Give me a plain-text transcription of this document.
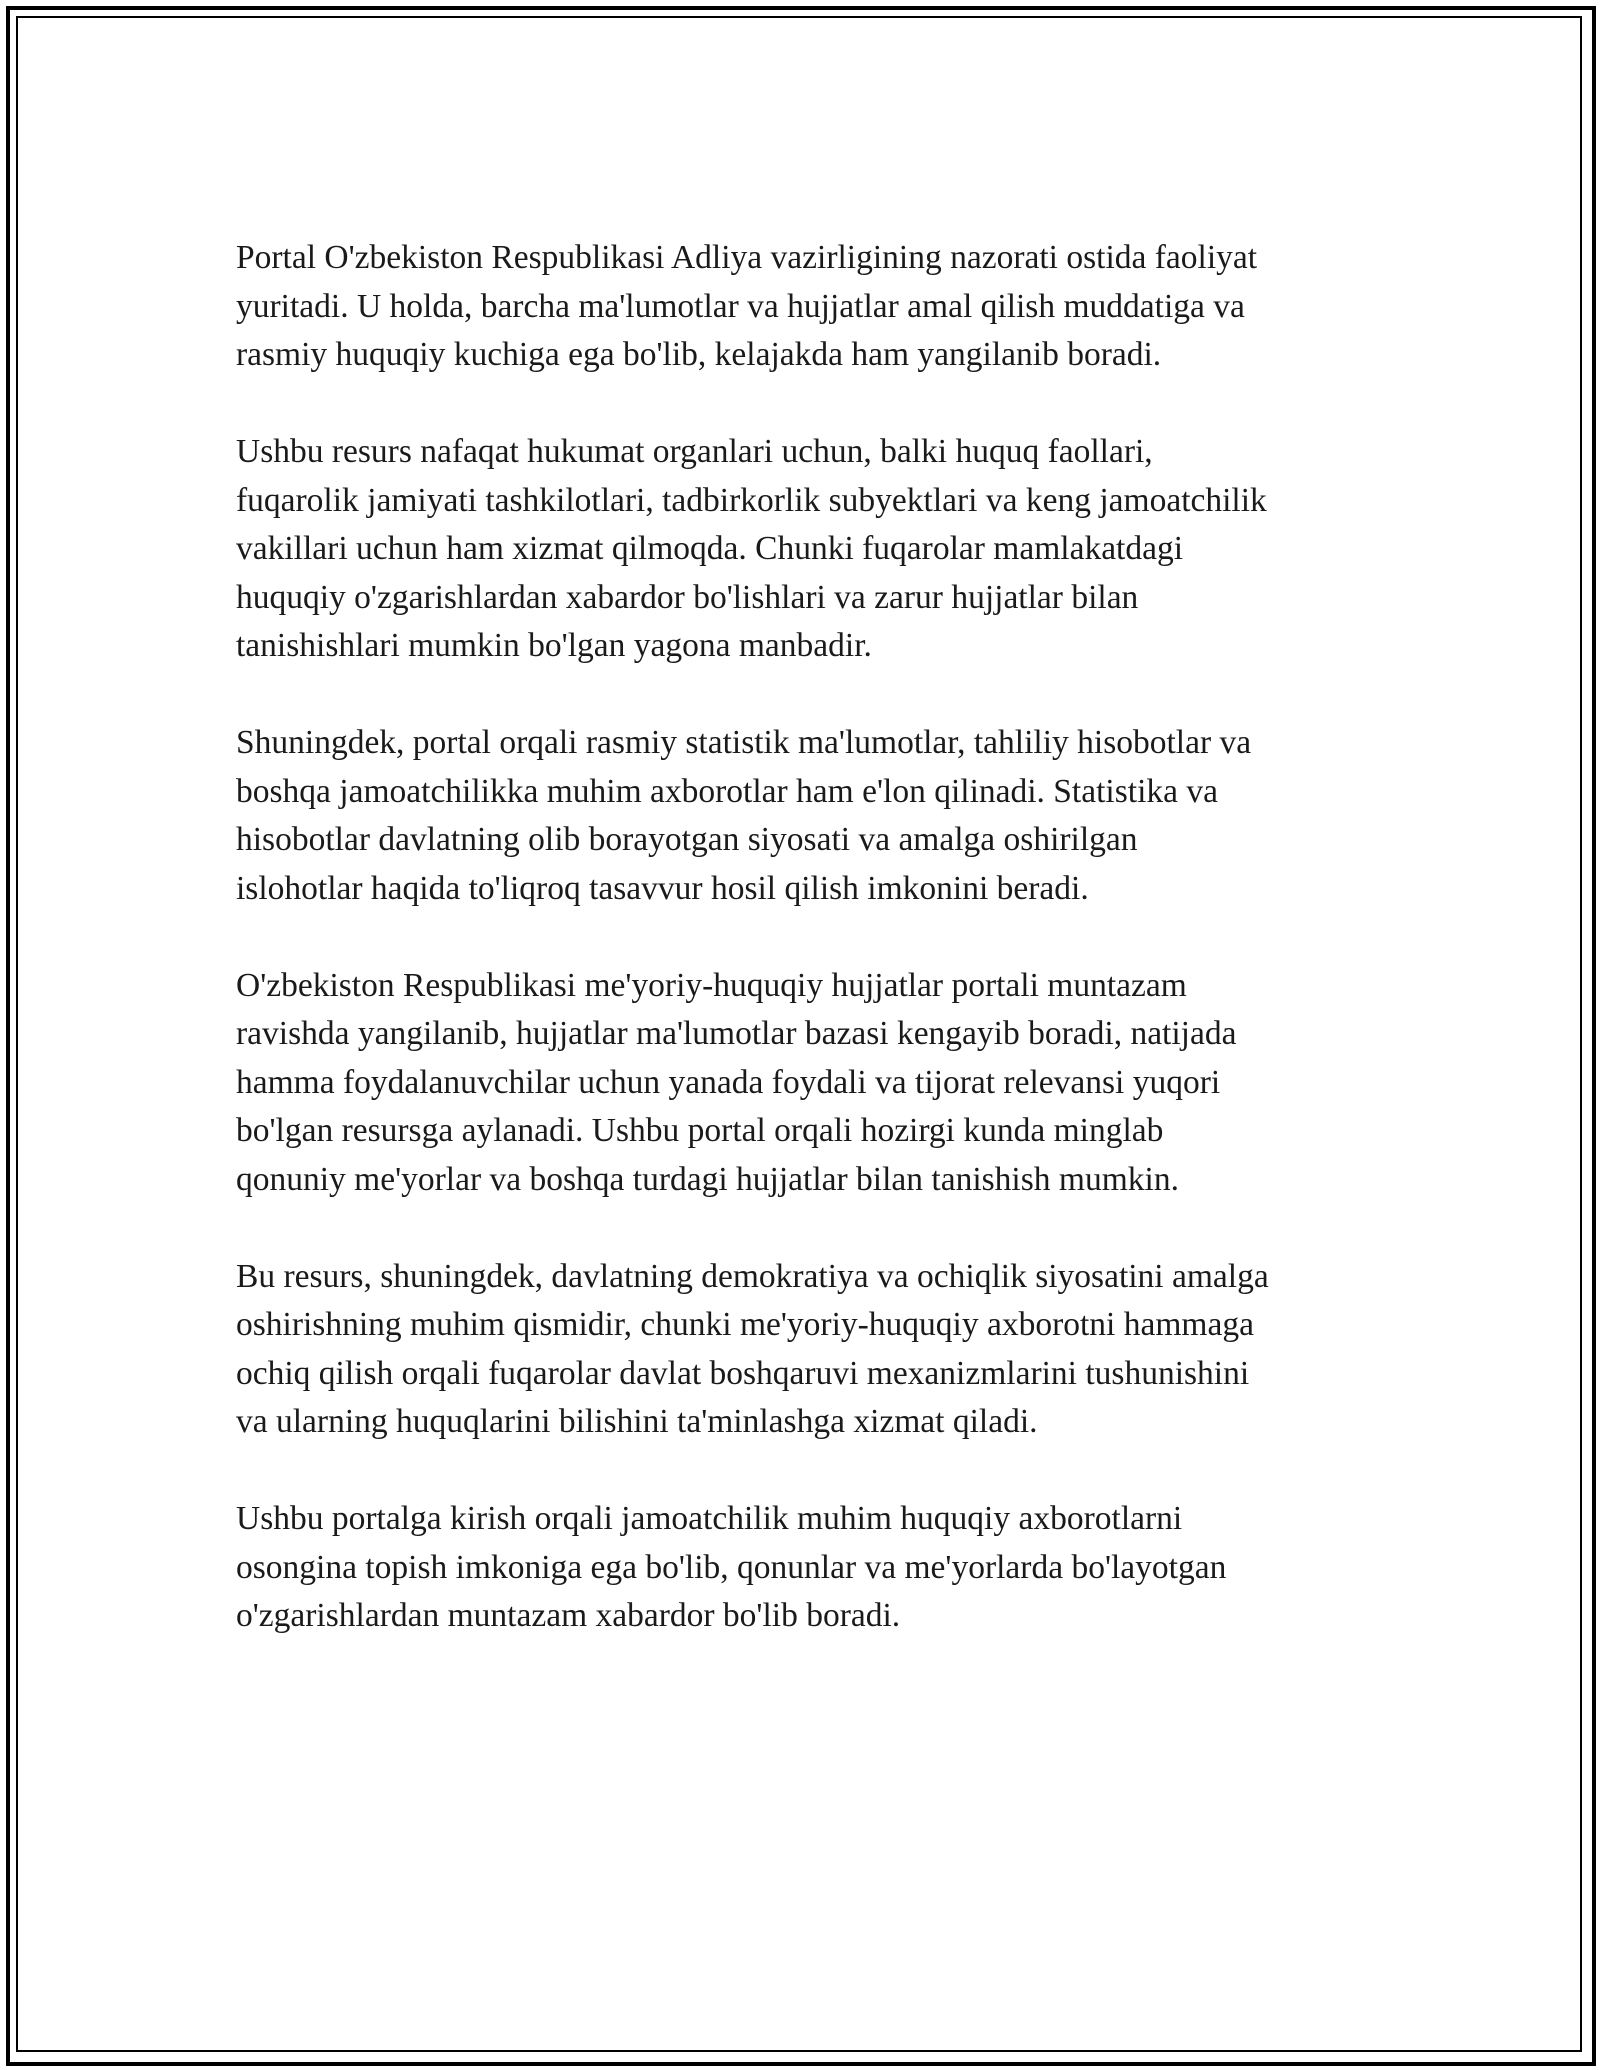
Portal O'zbekiston Respublikasi Adliya vazirligining nazorati ostida faoliyat
yuritadi. U holda, barcha ma'lumotlar va hujjatlar amal qilish muddatiga va
rasmiy huquqiy kuchiga ega bo'lib, kelajakda ham yangilanib boradi.

Ushbu resurs nafaqat hukumat organlari uchun, balki huquq faollari,
fuqarolik jamiyati tashkilotlari, tadbirkorlik subyektlari va keng jamoatchilik
vakillari uchun ham xizmat qilmoqda. Chunki fuqarolar mamlakatdagi
huquqiy o'zgarishlardan xabardor bo'lishlari va zarur hujjatlar bilan
tanishishlari mumkin bo'lgan yagona manbadir.

Shuningdek, portal orqali rasmiy statistik ma'lumotlar, tahliliy hisobotlar va
boshqa jamoatchilikka muhim axborotlar ham e'lon qilinadi. Statistika va
hisobotlar davlatning olib borayotgan siyosati va amalga oshirilgan
islohotlar haqida to'liqroq tasavvur hosil qilish imkonini beradi.

O'zbekiston Respublikasi me'yoriy-huquqiy hujjatlar portali muntazam
ravishda yangilanib, hujjatlar ma'lumotlar bazasi kengayib boradi, natijada
hamma foydalanuvchilar uchun yanada foydali va tijorat relevansi yuqori
bo'lgan resursga aylanadi. Ushbu portal orqali hozirgi kunda minglab
qonuniy me'yorlar va boshqa turdagi hujjatlar bilan tanishish mumkin.

Bu resurs, shuningdek, davlatning demokratiya va ochiqlik siyosatini amalga
oshirishning muhim qismidir, chunki me'yoriy-huquqiy axborotni hammaga
ochiq qilish orqali fuqarolar davlat boshqaruvi mexanizmlarini tushunishini
va ularning huquqlarini bilishini ta'minlashga xizmat qiladi.

Ushbu portalga kirish orqali jamoatchilik muhim huquqiy axborotlarni
osongina topish imkoniga ega bo'lib, qonunlar va me'yorlarda bo'layotgan
o'zgarishlardan muntazam xabardor bo'lib boradi.
